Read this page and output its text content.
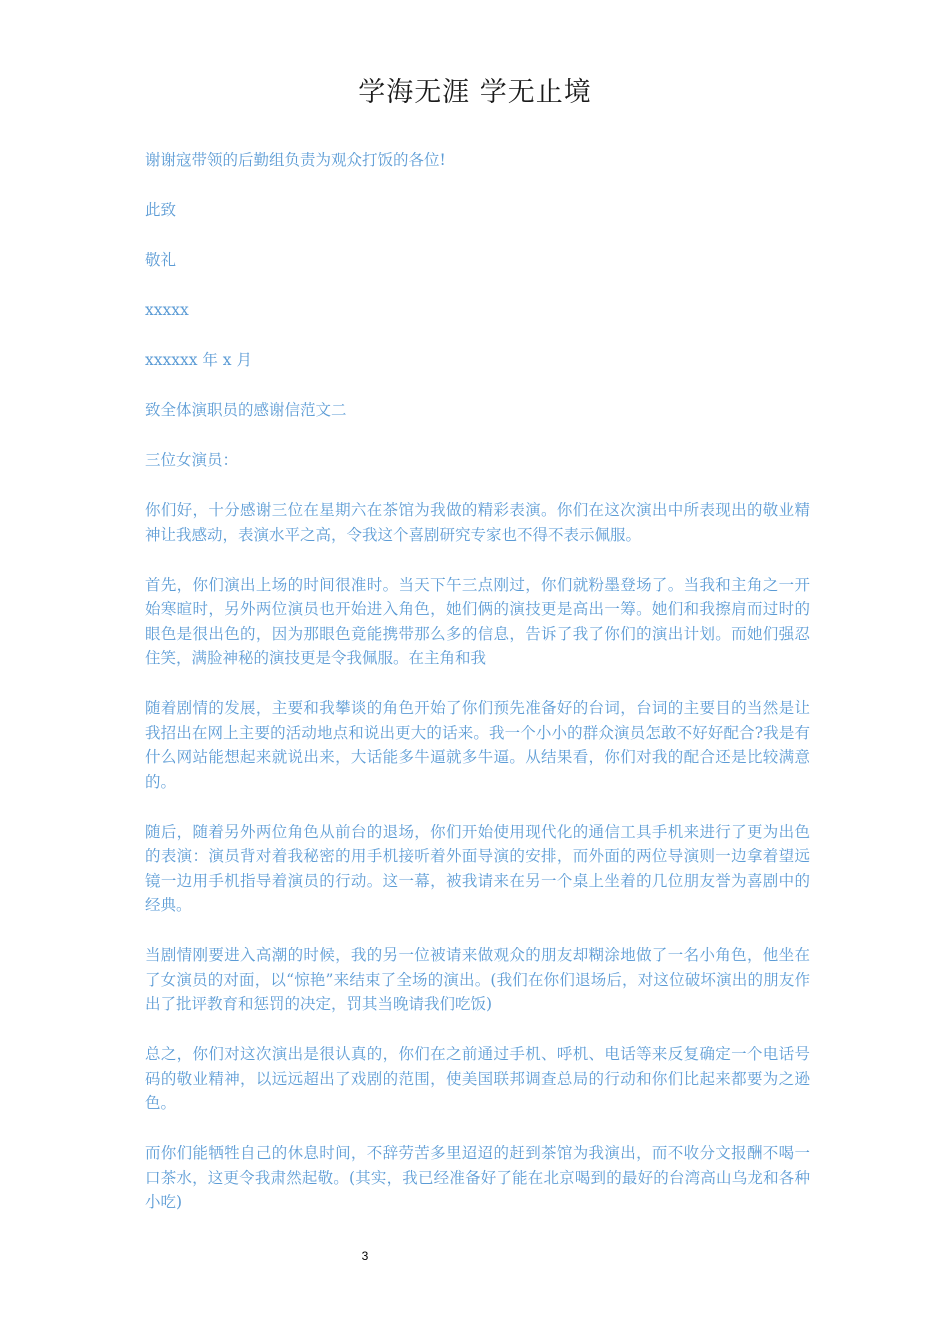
学海无涯 学无止境

谢谢寇带领的后勤组负责为观众打饭的各位!

此致

敬礼

xxxxx

xxxxxx 年 x 月

致全体演职员的感谢信范文二

三位女演员：

你们好，十分感谢三位在星期六在茶馆为我做的精彩表演。你们在这次演出中所表现出的敬业精神让我感动，表演水平之高，令我这个喜剧研究专家也不得不表示佩服。

首先，你们演出上场的时间很准时。当天下午三点刚过，你们就粉墨登场了。当我和主角之一开始寒暄时，另外两位演员也开始进入角色，她们俩的演技更是高出一筹。她们和我擦肩而过时的眼色是很出色的，因为那眼色竟能携带那么多的信息，告诉了我了你们的演出计划。而她们强忍住笑，满脸神秘的演技更是令我佩服。在主角和我

随着剧情的发展，主要和我攀谈的角色开始了你们预先准备好的台词，台词的主要目的当然是让我招出在网上主要的活动地点和说出更大的话来。我一个小小的群众演员怎敢不好好配合?我是有什么网站能想起来就说出来，大话能多牛逼就多牛逼。从结果看，你们对我的配合还是比较满意的。

随后，随着另外两位角色从前台的退场，你们开始使用现代化的通信工具手机来进行了更为出色的表演：演员背对着我秘密的用手机接听着外面导演的安排，而外面的两位导演则一边拿着望远镜一边用手机指导着演员的行动。这一幕，被我请来在另一个桌上坐着的几位朋友誉为喜剧中的经典。

当剧情刚要进入高潮的时候，我的另一位被请来做观众的朋友却糊涂地做了一名小角色，他坐在了女演员的对面，以“惊艳”来结束了全场的演出。(我们在你们退场后，对这位破坏演出的朋友作出了批评教育和惩罚的决定，罚其当晚请我们吃饭)

总之，你们对这次演出是很认真的，你们在之前通过手机、呼机、电话等来反复确定一个电话号码的敬业精神，以远远超出了戏剧的范围，使美国联邦调查总局的行动和你们比起来都要为之逊色。

而你们能牺牲自己的休息时间，不辞劳苦多里迢迢的赶到茶馆为我演出，而不收分文报酬不喝一口茶水，这更令我肃然起敬。(其实，我已经准备好了能在北京喝到的最好的台湾高山乌龙和各种小吃)

3
